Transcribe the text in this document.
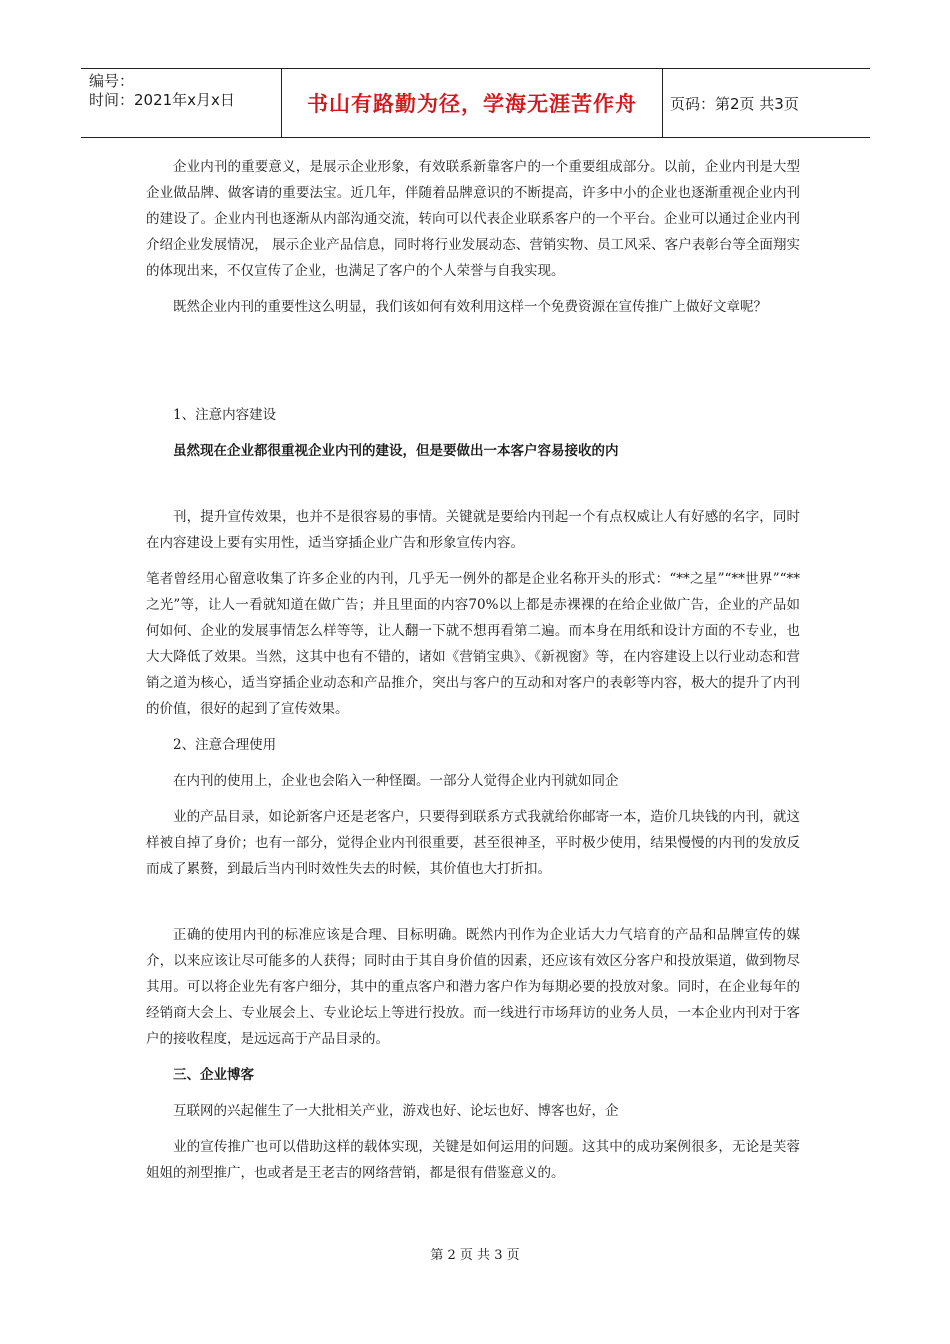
编号：
时间：2021年x月x日	书山有路勤为径，学海无涯苦作舟	页码：第2页 共3页

企业内刊的重要意义，是展示企业形象，有效联系新靠客户的一个重要组成部分。以前，企业内刊是大型企业做品牌、做客请的重要法宝。近几年，伴随着品牌意识的不断提高，许多中小的企业也逐渐重视企业内刊的建设了。企业内刊也逐渐从内部沟通交流，转向可以代表企业联系客户的一个平台。企业可以通过企业内刊介绍企业发展情况， 展示企业产品信息，同时将行业发展动态、营销实物、员工风采、客户表彰台等全面翔实的体现出来，不仅宣传了企业，也满足了客户的个人荣誉与自我实现。

既然企业内刊的重要性这么明显，我们该如何有效利用这样一个免费资源在宣传推广上做好文章呢？

1、注意内容建设

虽然现在企业都很重视企业内刊的建设，但是要做出一本客户容易接收的内

刊，提升宣传效果，也并不是很容易的事情。关键就是要给内刊起一个有点权威让人有好感的名字，同时在内容建设上要有实用性，适当穿插企业广告和形象宣传内容。

笔者曾经用心留意收集了许多企业的内刊，几乎无一例外的都是企业名称开头的形式：“**之星”“**世界”“**之光”等，让人一看就知道在做广告；并且里面的内容70%以上都是赤裸裸的在给企业做广告，企业的产品如何如何、企业的发展事情怎么样等等，让人翻一下就不想再看第二遍。而本身在用纸和设计方面的不专业，也大大降低了效果。当然，这其中也有不错的，诸如《营销宝典》、《新视窗》等，在内容建设上以行业动态和营销之道为核心，适当穿插企业动态和产品推介，突出与客户的互动和对客户的表彰等内容，极大的提升了内刊的价值，很好的起到了宣传效果。

2、注意合理使用

在内刊的使用上，企业也会陷入一种怪圈。一部分人觉得企业内刊就如同企

业的产品目录，如论新客户还是老客户，只要得到联系方式我就给你邮寄一本，造价几块钱的内刊，就这样被自掉了身价；也有一部分，觉得企业内刊很重要，甚至很神圣，平时极少使用，结果慢慢的内刊的发放反而成了累赘，到最后当内刊时效性失去的时候，其价值也大打折扣。

正确的使用内刊的标准应该是合理、目标明确。既然内刊作为企业话大力气培育的产品和品牌宣传的媒介，以来应该让尽可能多的人获得；同时由于其自身价值的因素，还应该有效区分客户和投放渠道，做到物尽其用。可以将企业先有客户细分，其中的重点客户和潜力客户作为每期必要的投放对象。同时，在企业每年的经销商大会上、专业展会上、专业论坛上等进行投放。而一线进行市场拜访的业务人员，一本企业内刊对于客户的接收程度，是远远高于产品目录的。

三、企业博客

互联网的兴起催生了一大批相关产业，游戏也好、论坛也好、博客也好，企

业的宣传推广也可以借助这样的载体实现，关键是如何运用的问题。这其中的成功案例很多，无论是芙蓉姐姐的剂型推广，也或者是王老吉的网络营销，都是很有借鉴意义的。

第 2 页 共 3 页
